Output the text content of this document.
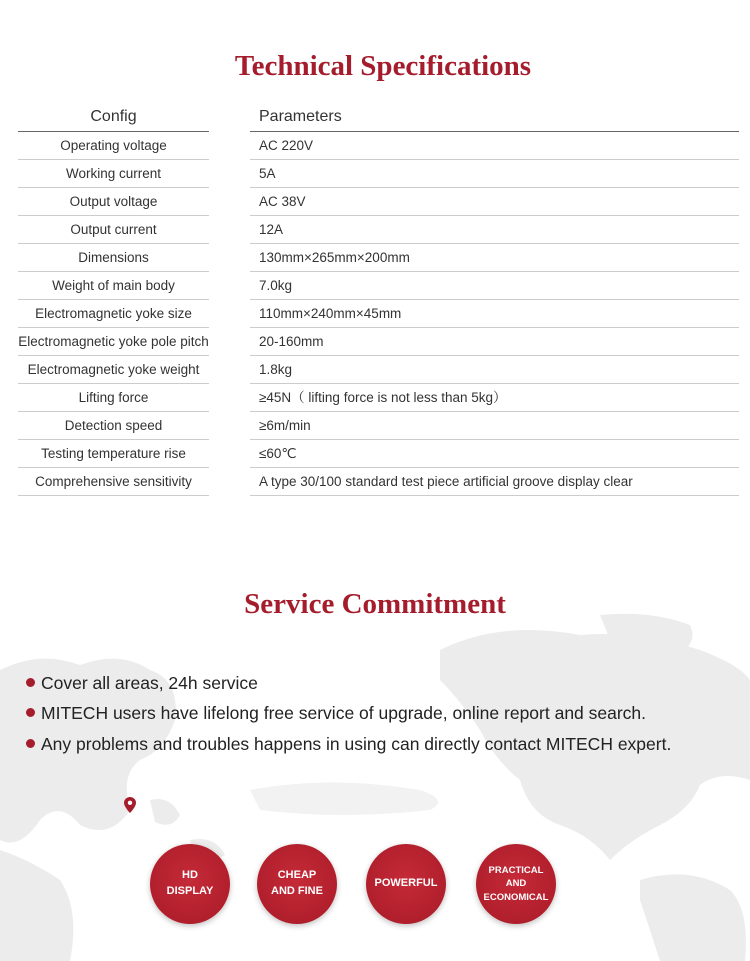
Technical Specifications
Config	Parameters
Operating voltage	AC 220V
Working current	5A
Output voltage	AC 38V
Output current	12A
Dimensions	130mm×265mm×200mm
Weight of main body	7.0kg
Electromagnetic yoke size	110mm×240mm×45mm
Electromagnetic yoke pole pitch	20-160mm
Electromagnetic yoke weight	1.8kg
Lifting force	≥45N（ lifting force is not less than 5kg）
Detection speed	≥6m/min
Testing temperature rise	≤60℃
Comprehensive sensitivity	A type 30/100 standard test piece artificial groove display clear
Service Commitment
Cover all areas, 24h service
MITECH users have lifelong free service of upgrade, online report and search.
Any problems and troubles happens in using can directly contact MITECH expert.
HD
DISPLAY
CHEAP
AND FINE
POWERFUL
PRACTICAL
AND
ECONOMICAL
